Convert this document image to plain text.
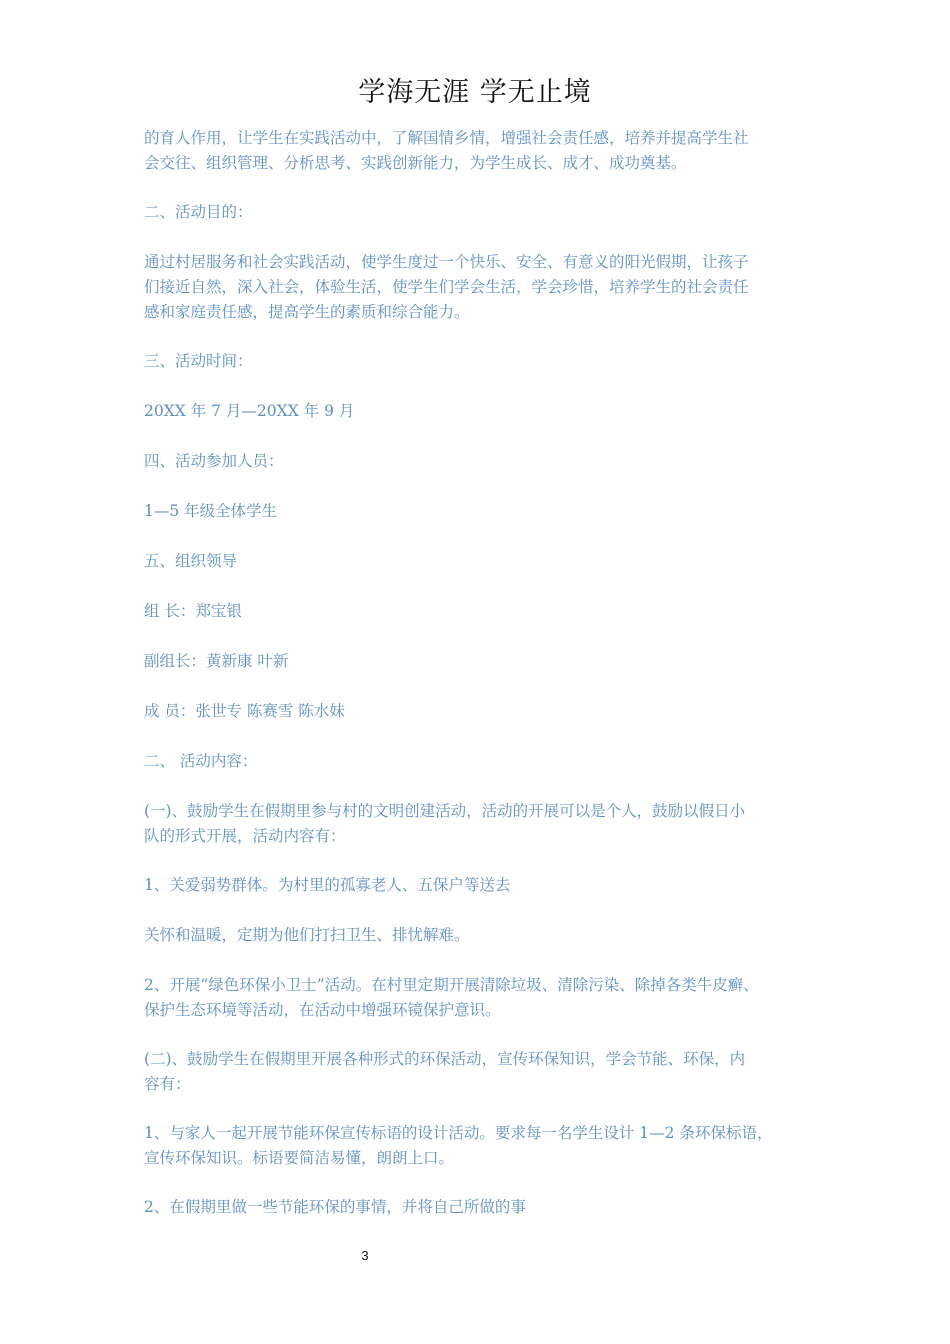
学海无涯 学无止境
的育人作用，让学生在实践活动中，了解国情乡情，增强社会责任感，培养并提高学生社
会交往、组织管理、分析思考、实践创新能力，为学生成长、成才、成功奠基。
二、活动目的：
通过村居服务和社会实践活动，使学生度过一个快乐、安全、有意义的阳光假期，让孩子
们接近自然，深入社会，体验生活，使学生们学会生活，学会珍惜，培养学生的社会责任
感和家庭责任感，提高学生的素质和综合能力。
三、活动时间：
20XX 年 7 月—20XX 年 9 月
四、活动参加人员：
1—5 年级全体学生
五、组织领导
组 长：郑宝银
副组长：黄新康 叶新
成 员：张世专 陈赛雪 陈水妹
二、 活动内容：
(一)、鼓励学生在假期里参与村的文明创建活动，活动的开展可以是个人，鼓励以假日小
队的形式开展，活动内容有：
1、关爱弱势群体。为村里的孤寡老人、五保户等送去
关怀和温暖，定期为他们打扫卫生、排忧解难。
2、开展“绿色环保小卫士”活动。在村里定期开展清除垃圾、清除污染、除掉各类牛皮癣、
保护生态环境等活动，在活动中增强环镜保护意识。
(二)、鼓励学生在假期里开展各种形式的环保活动，宣传环保知识，学会节能、环保，内
容有：
1、与家人一起开展节能环保宣传标语的设计活动。要求每一名学生设计 1—2 条环保标语，
宣传环保知识。标语要简洁易懂，朗朗上口。
2、在假期里做一些节能环保的事情，并将自己所做的事
3
